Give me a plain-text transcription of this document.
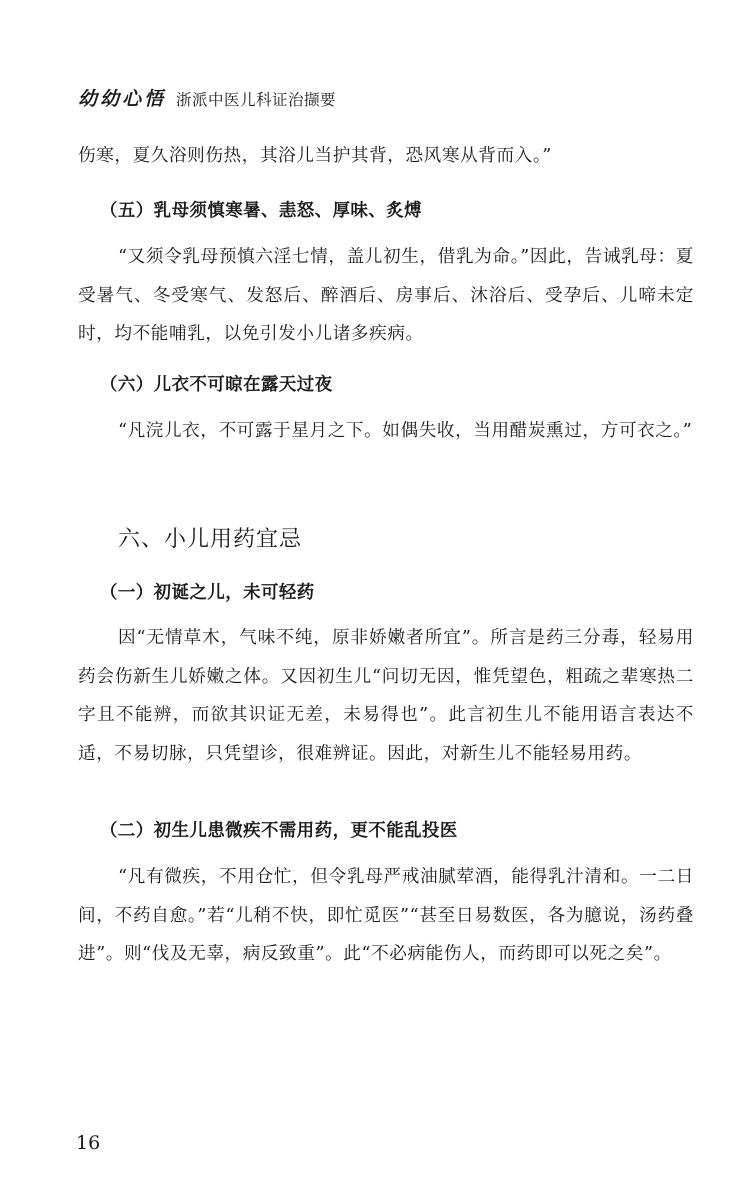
幼幼心悟 浙派中医儿科证治撷要

伤寒，夏久浴则伤热，其浴儿当护其背，恐风寒从背而入。”

（五）乳母须慎寒暑、恚怒、厚味、炙煿

“又须令乳母预慎六淫七情，盖儿初生，借乳为命。”因此，告诫乳母：夏受暑气、冬受寒气、发怒后、醉酒后、房事后、沐浴后、受孕后、儿啼未定时，均不能哺乳，以免引发小儿诸多疾病。

（六）儿衣不可晾在露天过夜

“凡浣儿衣，不可露于星月之下。如偶失收，当用醋炭熏过，方可衣之。”

六、小儿用药宜忌
（一）初诞之儿，未可轻药

因“无情草木，气味不纯，原非娇嫩者所宜”。所言是药三分毒，轻易用药会伤新生儿娇嫩之体。又因初生儿“问切无因，惟凭望色，粗疏之辈寒热二字且不能辨，而欲其识证无差，未易得也”。此言初生儿不能用语言表达不适，不易切脉，只凭望诊，很难辨证。因此，对新生儿不能轻易用药。

（二）初生儿患微疾不需用药，更不能乱投医

“凡有微疾，不用仓忙，但令乳母严戒油腻荤酒，能得乳汁清和。一二日间，不药自愈。”若“儿稍不快，即忙觅医”“甚至日易数医，各为臆说，汤药叠进”。则“伐及无辜，病反致重”。此“不必病能伤人，而药即可以死之矣”。

16
